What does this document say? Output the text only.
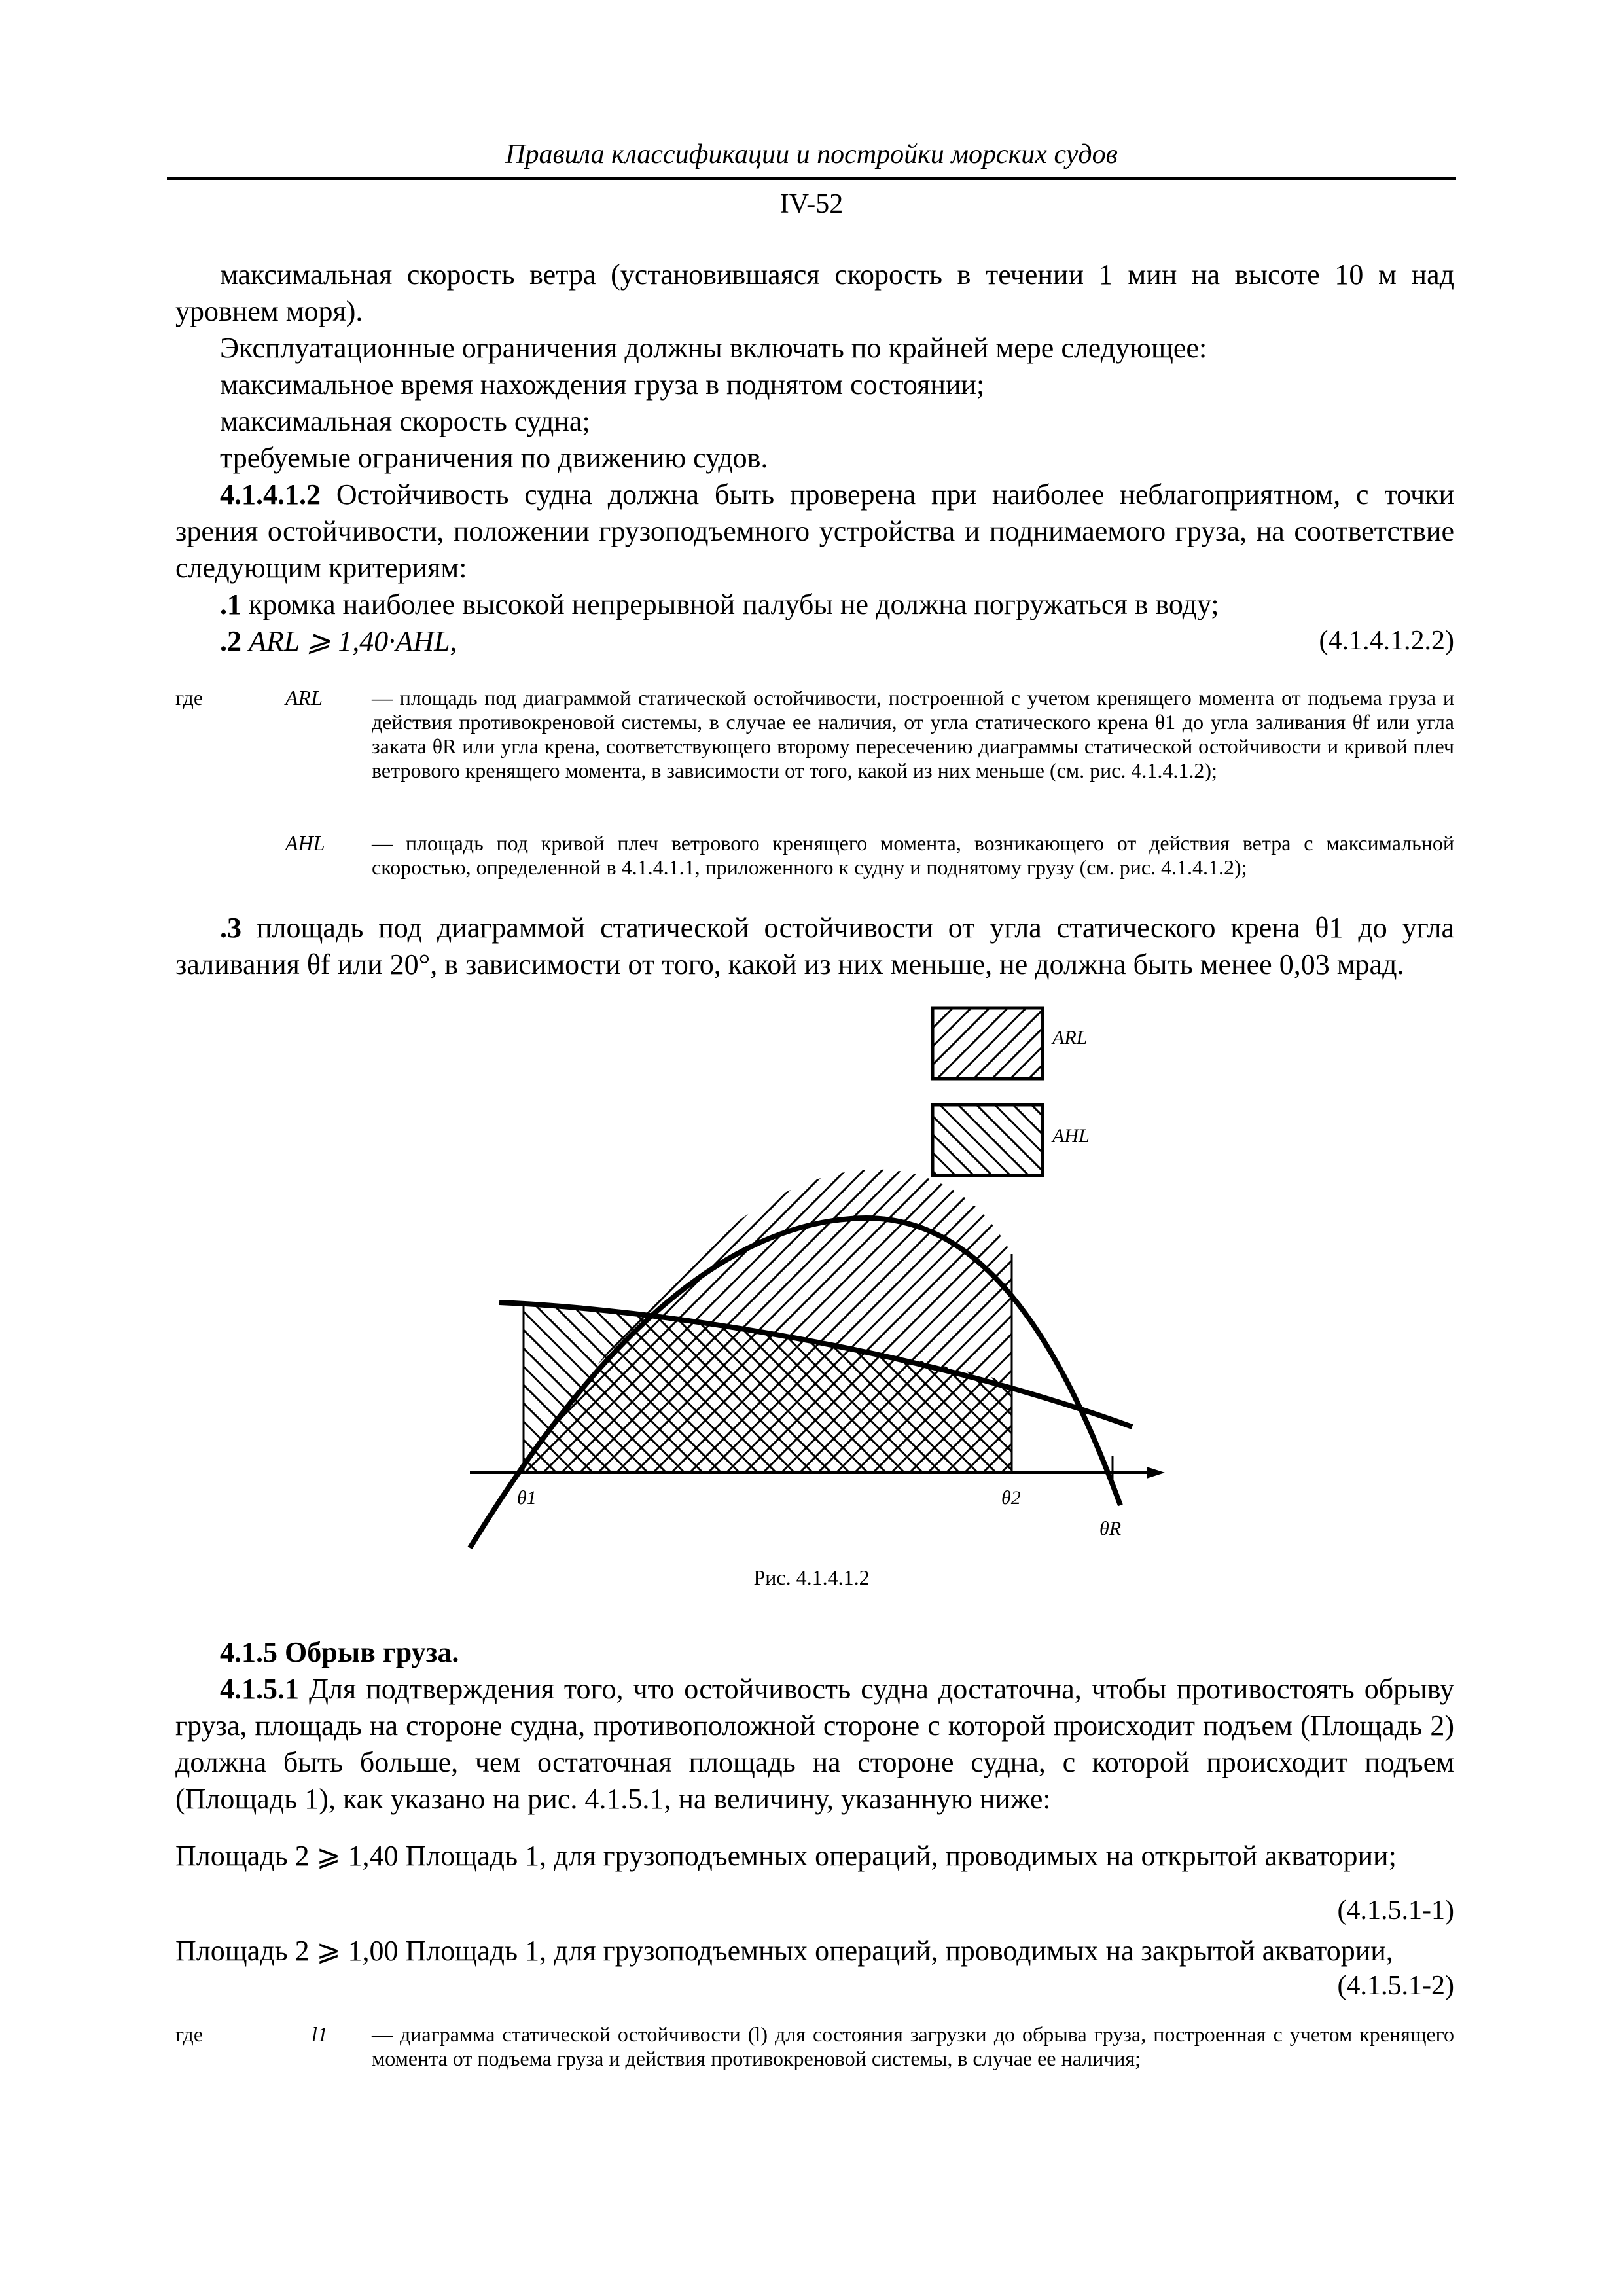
Правила классификации и постройки морских судов
IV-52

максимальная скорость ветра (установившаяся скорость в течении 1 мин на высоте 10 м над уровнем моря).

Эксплуатационные ограничения должны включать по крайней мере следующее:

максимальное время нахождения груза в поднятом состоянии;

максимальная скорость судна;

требуемые ограничения по движению судов.

4.1.4.1.2 Остойчивость судна должна быть проверена при наиболее неблагоприятном, с точки зрения остойчивости, положении грузоподъемного устройства и поднимаемого груза, на соответствие следующим критериям:

.1 кромка наиболее высокой непрерывной палубы не должна погружаться в воду;

.2 ARL ⩾ 1,40·AHL,	(4.1.4.1.2.2)
где	ARL — площадь под диаграммой статической остойчивости, построенной с учетом кренящего момента от подъема груза и действия противокреновой системы, в случае ее наличия, от угла статического крена θ1 до угла заливания θf или угла заката θR или угла крена, соответствующего второму пересечению диаграммы статической остойчивости и кривой плеч ветрового кренящего момента, в зависимости от того, какой из них меньше (см. рис. 4.1.4.1.2);

AHL — площадь под кривой плеч ветрового кренящего момента, возникающего от действия ветра с максимальной скоростью, определенной в 4.1.4.1.1, приложенного к судну и поднятому грузу (см. рис. 4.1.4.1.2);

.3 площадь под диаграммой статической остойчивости от угла статического крена θ1 до угла заливания θf или 20°, в зависимости от того, какой из них меньше, не должна быть менее 0,03 мрад.

ARL
AHL
θ1	θ2
θR
Рис. 4.1.4.1.2

4.1.5 Обрыв груза.

4.1.5.1 Для подтверждения того, что остойчивость судна достаточна, чтобы противостоять обрыву груза, площадь на стороне судна, противоположной стороне с которой происходит подъем (Площадь 2) должна быть больше, чем остаточная площадь на стороне судна, с которой происходит подъем (Площадь 1), как указано на рис. 4.1.5.1, на величину, указанную ниже:

Площадь 2 ⩾ 1,40 Площадь 1, для грузоподъемных операций, проводимых на открытой акватории;

(4.1.5.1-1)

Площадь 2 ⩾ 1,00 Площадь 1, для грузоподъемных операций, проводимых на закрытой акватории,

(4.1.5.1-2)
где	l1 — диаграмма статической остойчивости (l) для состояния загрузки до обрыва груза, построенная с учетом кренящего момента от подъема груза и действия противокреновой системы, в случае ее наличия;
